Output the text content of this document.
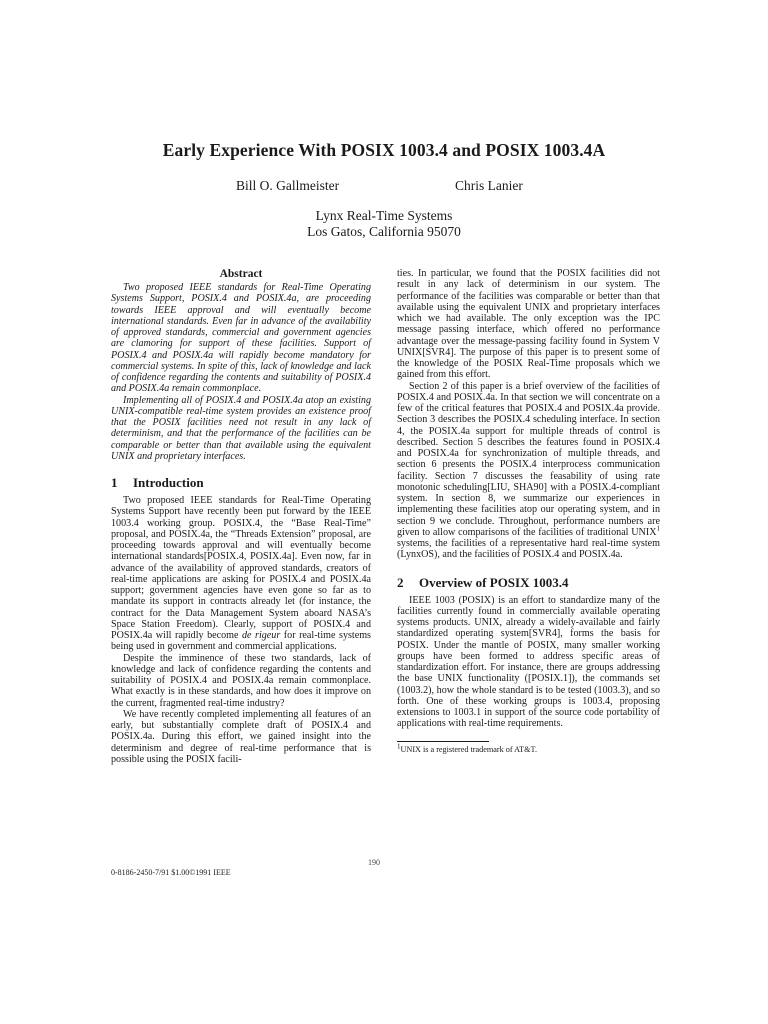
Early Experience With POSIX 1003.4 and POSIX 1003.4A
Bill O. Gallmeister	Chris Lanier
Lynx Real-Time Systems
Los Gatos, California 95070
Abstract

Two proposed IEEE standards for Real-Time Operating Systems Support, POSIX.4 and POSIX.4a, are proceeding towards IEEE approval and will eventually become international standards. Even far in advance of the availability of approved standards, commercial and government agencies are clamoring for support of these facilities. Support of POSIX.4 and POSIX.4a will rapidly become mandatory for commercial systems. In spite of this, lack of knowledge and lack of confidence regarding the contents and suitability of POSIX.4 and POSIX.4a remain commonplace.

Implementing all of POSIX.4 and POSIX.4a atop an existing UNIX-compatible real-time system provides an existence proof that the POSIX facilities need not result in any lack of determinism, and that the performance of the facilities can be comparable or better than that available using the equivalent UNIX and proprietary interfaces.

1 Introduction

Two proposed IEEE standards for Real-Time Operating Systems Support have recently been put forward by the IEEE 1003.4 working group. POSIX.4, the “Base Real-Time” proposal, and POSIX.4a, the “Threads Extension” proposal, are proceeding towards approval and will eventually become international standards[POSIX.4, POSIX.4a]. Even now, far in advance of the availability of approved standards, creators of real-time applications are asking for POSIX.4 and POSIX.4a support; government agencies have even gone so far as to mandate its support in contracts already let (for instance, the contract for the Data Management System aboard NASA’s Space Station Freedom). Clearly, support of POSIX.4 and POSIX.4a will rapidly become de rigeur for real-time systems being used in government and commercial applications.

Despite the imminence of these two standards, lack of knowledge and lack of confidence regarding the contents and suitability of POSIX.4 and POSIX.4a remain commonplace. What exactly is in these standards, and how does it improve on the current, fragmented real-time industry?

We have recently completed implementing all features of an early, but substantially complete draft of POSIX.4 and POSIX.4a. During this effort, we gained insight into the determinism and degree of real-time performance that is possible using the POSIX facili-

ties. In particular, we found that the POSIX facilities did not result in any lack of determinism in our system. The performance of the facilities was comparable or better than that available using the equivalent UNIX and proprietary interfaces which we had available. The only exception was the IPC message passing interface, which offered no performance advantage over the message-passing facility found in System V UNIX[SVR4]. The purpose of this paper is to present some of the knowledge of the POSIX Real-Time proposals which we gained from this effort.

Section 2 of this paper is a brief overview of the facilities of POSIX.4 and POSIX.4a. In that section we will concentrate on a few of the critical features that POSIX.4 and POSIX.4a provide. Section 3 describes the POSIX.4 scheduling interface. In section 4, the POSIX.4a support for multiple threads of control is described. Section 5 describes the features found in POSIX.4 and POSIX.4a for synchronization of multiple threads, and section 6 presents the POSIX.4 interprocess communication facility. Section 7 discusses the feasability of using rate monotonic scheduling[LIU, SHA90] with a POSIX.4-compliant system. In section 8, we summarize our experiences in implementing these facilities atop our operating system, and in section 9 we conclude. Throughout, performance numbers are given to allow comparisons of the facilities of traditional UNIX$^1$ systems, the facilities of a representative hard real-time system (LynxOS), and the facilities of POSIX.4 and POSIX.4a.

2 Overview of POSIX 1003.4

IEEE 1003 (POSIX) is an effort to standardize many of the facilities currently found in commercially available operating systems products. UNIX, already a widely-available and fairly standardized operating system[SVR4], forms the basis for POSIX. Under the mantle of POSIX, many smaller working groups have been formed to address specific areas of standardization effort. For instance, there are groups addressing the base UNIX functionality ([POSIX.1]), the commands set (1003.2), how the whole standard is to be tested (1003.3), and so forth. One of these working groups is 1003.4, proposing extensions to 1003.1 in support of the source code portability of applications with real-time requirements.

$^1$UNIX is a registered trademark of AT&T.
190
0-8186-2450-7/91 $1.00©1991 IEEE
